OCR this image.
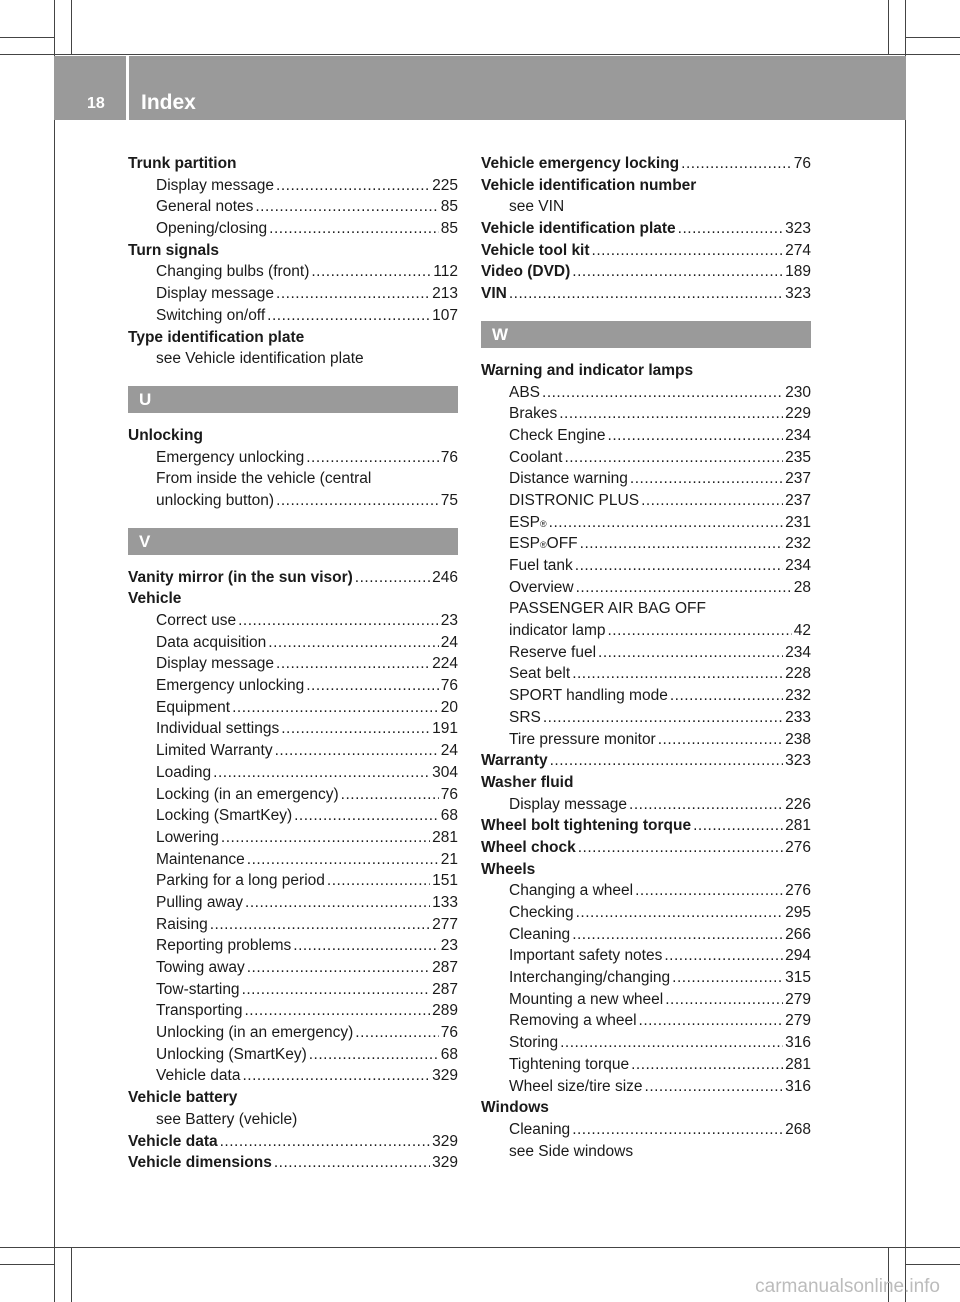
18 Index
Trunk partition
Display message .....	225
General notes .....	85
Opening/closing .....	85
Turn signals
Changing bulbs (front) .....	112
Display message .....	213
Switching on/off .....	107
Type identification plate
see Vehicle identification plate
U
Unlocking
Emergency unlocking .....	76
From inside the vehicle (central
unlocking button) .....	75
V
Vanity mirror (in the sun visor) .....	246
Vehicle
Correct use .....	23
Data acquisition .....	24
Display message .....	224
Emergency unlocking .....	76
Equipment .....	20
Individual settings .....	191
Limited Warranty .....	24
Loading .....	304
Locking (in an emergency) .....	76
Locking (SmartKey) .....	68
Lowering .....	281
Maintenance .....	21
Parking for a long period .....	151
Pulling away .....	133
Raising .....	277
Reporting problems .....	23
Towing away .....	287
Tow-starting .....	287
Transporting .....	289
Unlocking (in an emergency) .....	76
Unlocking (SmartKey) .....	68
Vehicle data .....	329
Vehicle battery
see Battery (vehicle)
Vehicle data .....	329
Vehicle dimensions .....	329
Vehicle emergency locking .....	76
Vehicle identification number
see VIN
Vehicle identification plate .....	323
Vehicle tool kit .....	274
Video (DVD) .....	189
VIN .....	323
W
Warning and indicator lamps
ABS .....	230
Brakes .....	229
Check Engine .....	234
Coolant .....	235
Distance warning .....	237
DISTRONIC PLUS .....	237
ESP ® .....	231
ESP ® OFF .....	232
Fuel tank .....	234
Overview .....	28
PASSENGER AIR BAG OFF
indicator lamp .....	42
Reserve fuel .....	234
Seat belt .....	228
SPORT handling mode .....	232
SRS .....	233
Tire pressure monitor .....	238
Warranty .....	323
Washer fluid
Display message .....	226
Wheel bolt tightening torque .....	281
Wheel chock .....	276
Wheels
Changing a wheel .....	276
Checking .....	295
Cleaning .....	266
Important safety notes .....	294
Interchanging/changing .....	315
Mounting a new wheel .....	279
Removing a wheel .....	279
Storing .....	316
Tightening torque .....	281
Wheel size/tire size .....	316
Windows
Cleaning .....	268
see Side windows
carmanualsonline.info
